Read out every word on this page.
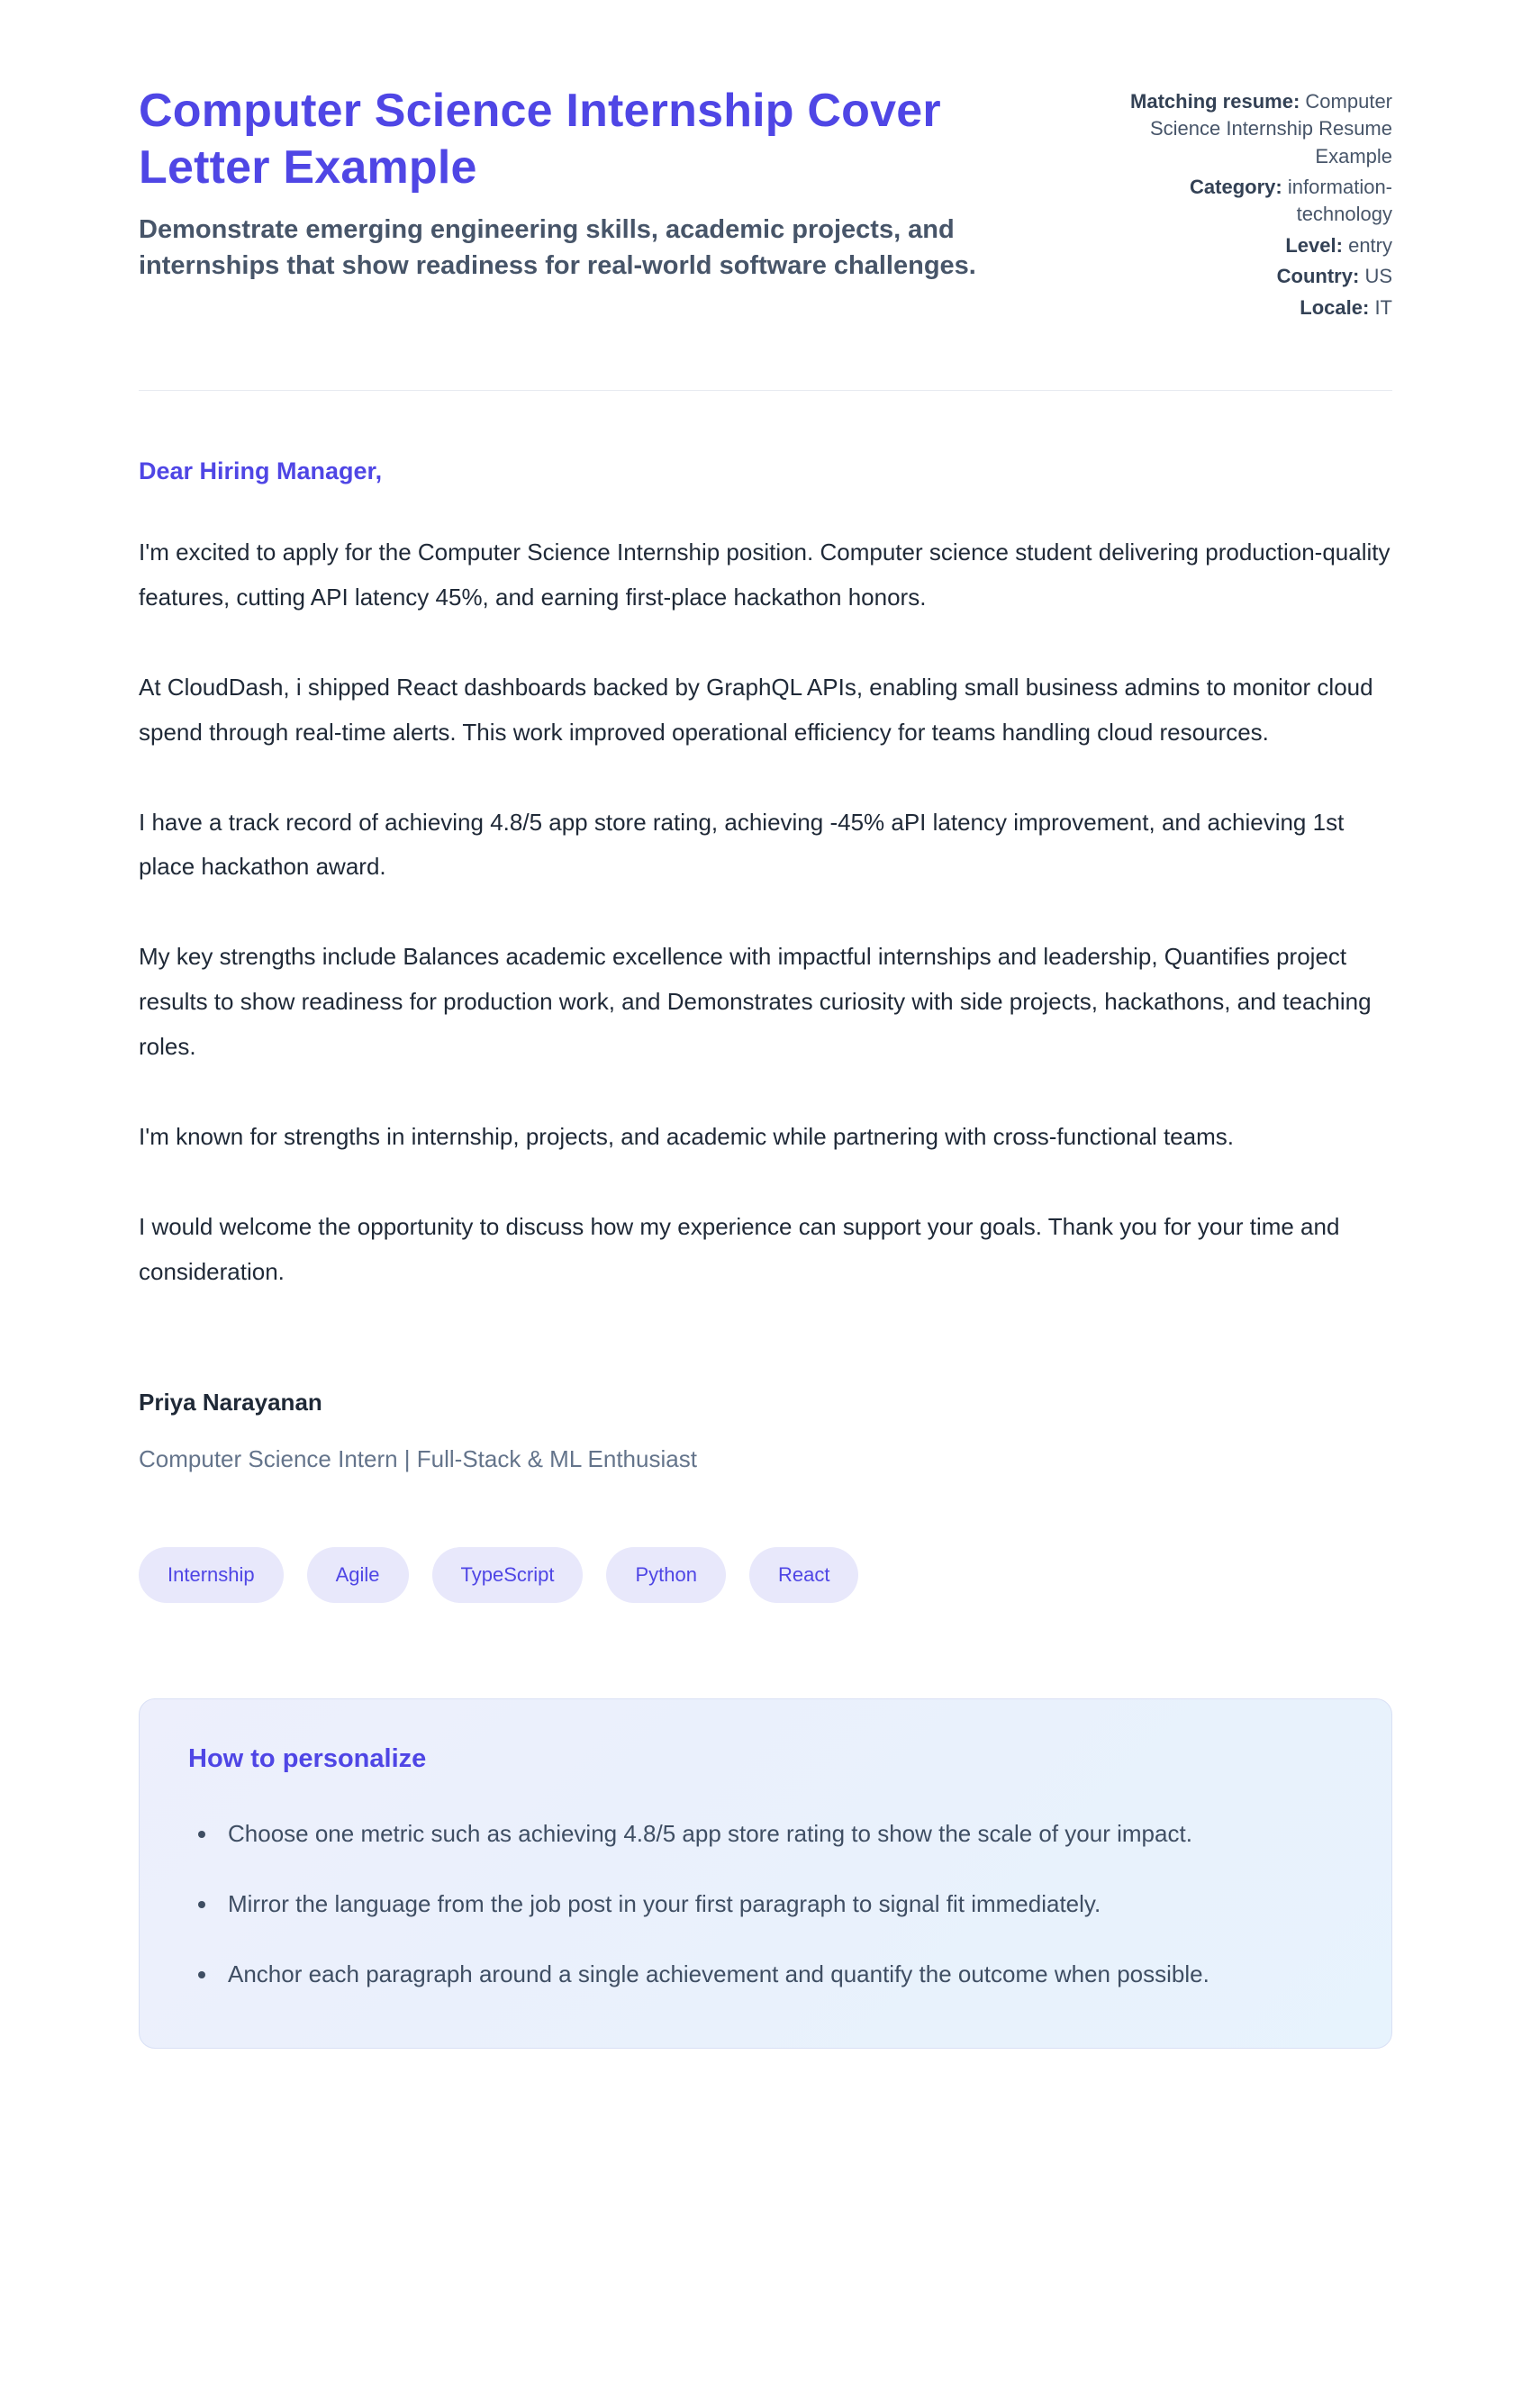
Computer Science Internship Cover Letter Example
Demonstrate emerging engineering skills, academic projects, and internships that show readiness for real-world software challenges.
Matching resume: Computer Science Internship Resume Example
Category: information-technology
Level: entry
Country: US
Locale: IT
Dear Hiring Manager,

I'm excited to apply for the Computer Science Internship position. Computer science student delivering production-quality features, cutting API latency 45%, and earning first-place hackathon honors.

At CloudDash, i shipped React dashboards backed by GraphQL APIs, enabling small business admins to monitor cloud spend through real-time alerts. This work improved operational efficiency for teams handling cloud resources.

I have a track record of achieving 4.8/5 app store rating, achieving -45% aPI latency improvement, and achieving 1st place hackathon award.

My key strengths include Balances academic excellence with impactful internships and leadership, Quantifies project results to show readiness for production work, and Demonstrates curiosity with side projects, hackathons, and teaching roles.

I'm known for strengths in internship, projects, and academic while partnering with cross-functional teams.

I would welcome the opportunity to discuss how my experience can support your goals. Thank you for your time and consideration.

Priya Narayanan
Computer Science Intern | Full-Stack & ML Enthusiast
Internship	Agile	TypeScript	Python	React
How to personalize
• Choose one metric such as achieving 4.8/5 app store rating to show the scale of your impact.
• Mirror the language from the job post in your first paragraph to signal fit immediately.
• Anchor each paragraph around a single achievement and quantify the outcome when possible.
